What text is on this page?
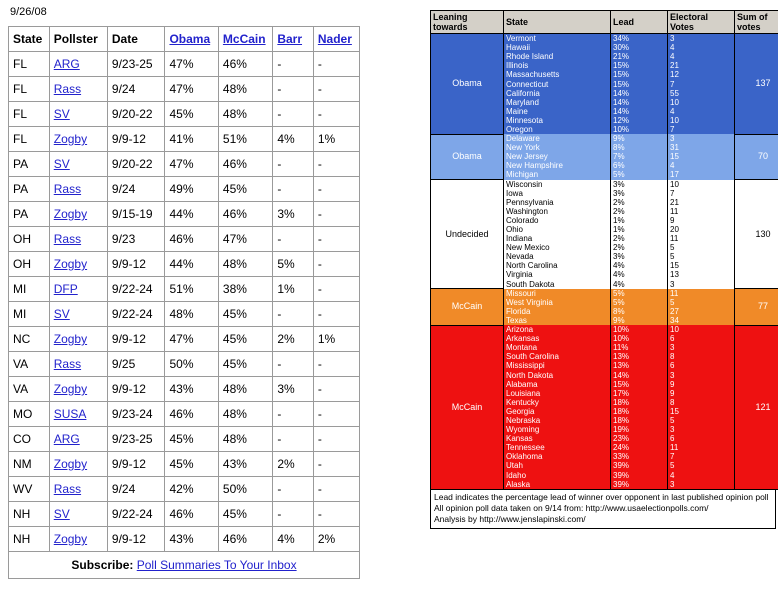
9/26/08
State	Pollster	Date	Obama	McCain	Barr	Nader
FL	ARG	9/23-25	47%	46%	-	-
FL	Rass	9/24	47%	48%	-	-
FL	SV	9/20-22	45%	48%	-	-
FL	Zogby	9/9-12	41%	51%	4%	1%
PA	SV	9/20-22	47%	46%	-	-
PA	Rass	9/24	49%	45%	-	-
PA	Zogby	9/15-19	44%	46%	3%	-
OH	Rass	9/23	46%	47%	-	-
OH	Zogby	9/9-12	44%	48%	5%	-
MI	DFP	9/22-24	51%	38%	1%	-
MI	SV	9/22-24	48%	45%	-	-
NC	Zogby	9/9-12	47%	45%	2%	1%
VA	Rass	9/25	50%	45%	-	-
VA	Zogby	9/9-12	43%	48%	3%	-
MO	SUSA	9/23-24	46%	48%	-	-
CO	ARG	9/23-25	45%	48%	-	-
NM	Zogby	9/9-12	45%	43%	2%	-
WV	Rass	9/24	42%	50%	-	-
NH	SV	9/22-24	46%	45%	-	-
NH	Zogby	9/9-12	43%	46%	4%	2%
Subscribe: Poll Summaries To Your Inbox						
Leaning towards	State	Lead	Electoral Votes	Sum of votes
Obama	Vermont	34%	3	137
	Hawaii	30%	4	
	Rhode Island	21%	4	
	Illinois	15%	21	
	Massachusetts	15%	12	
	Connecticut	15%	7	
	California	14%	55	
	Maryland	14%	10	
	Maine	14%	4	
	Minnesota	12%	10	
	Oregon	10%	7	
Obama	Delaware	9%	3	70
	New York	8%	31	
	New Jersey	7%	15	
	New Hampshire	6%	4	
	Michigan	5%	17	
Undecided	Wisconsin	3%	10	130
	Iowa	3%	7	
	Pennsylvania	2%	21	
	Washington	2%	11	
	Colorado	1%	9	
	Ohio	1%	20	
	Indiana	2%	11	
	New Mexico	2%	5	
	Nevada	3%	5	
	North Carolina	4%	15	
	Virginia	4%	13	
	South Dakota	4%	3	
McCain	Missouri	5%	11	77
	West Virginia	5%	5	
	Florida	8%	27	
	Texas	9%	34	
McCain	Arizona	10%	10	121
	Arkansas	10%	6	
	Montana	11%	3	
	South Carolina	13%	8	
	Mississippi	13%	6	
	North Dakota	14%	3	
	Alabama	15%	9	
	Louisiana	17%	9	
	Kentucky	18%	8	
	Georgia	18%	15	
	Nebraska	18%	5	
	Wyoming	19%	3	
	Kansas	23%	6	
	Tennessee	24%	11	
	Oklahoma	33%	7	
	Utah	39%	5	
	Idaho	39%	4	
	Alaska	39%	3	
Lead indicates the percentage lead of winner over opponent in last published opinion poll
All opinion poll data taken on 9/14 from: http://www.usaelectionpolls.com/
Analysis by http://www.jenslapinski.com/
